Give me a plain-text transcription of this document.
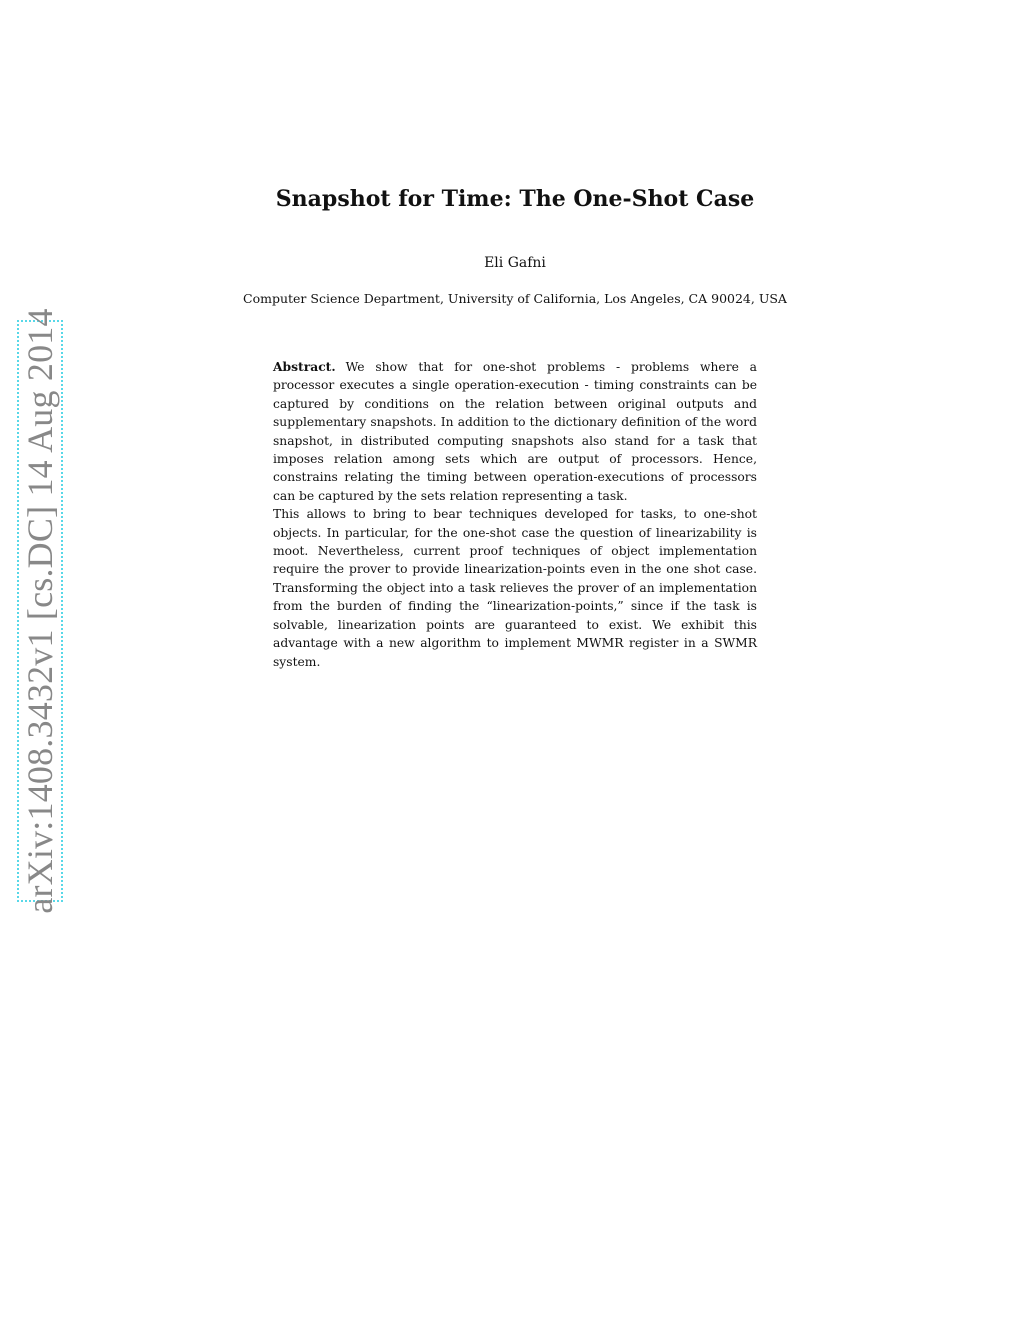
arXiv:1408.3432v1 [cs.DC] 14 Aug 2014
Snapshot for Time: The One-Shot Case
Eli Gafni
Computer Science Department, University of California, Los Angeles, CA 90024, USA

Abstract. We show that for one-shot problems - problems where a processor executes a single operation-execution - timing constraints can be captured by conditions on the relation between original outputs and supplementary snapshots. In addition to the dictionary definition of the word snapshot, in distributed computing snapshots also stand for a task that imposes relation among sets which are output of processors. Hence, constrains relating the timing between operation-executions of processors can be captured by the sets relation representing a task.

This allows to bring to bear techniques developed for tasks, to one-shot objects. In particular, for the one-shot case the question of linearizability is moot. Nevertheless, current proof techniques of object implementation require the prover to provide linearization-points even in the one shot case. Transforming the object into a task relieves the prover of an implementation from the burden of finding the “linearization-points,” since if the task is solvable, linearization points are guaranteed to exist. We exhibit this advantage with a new algorithm to implement MWMR register in a SWMR system.
